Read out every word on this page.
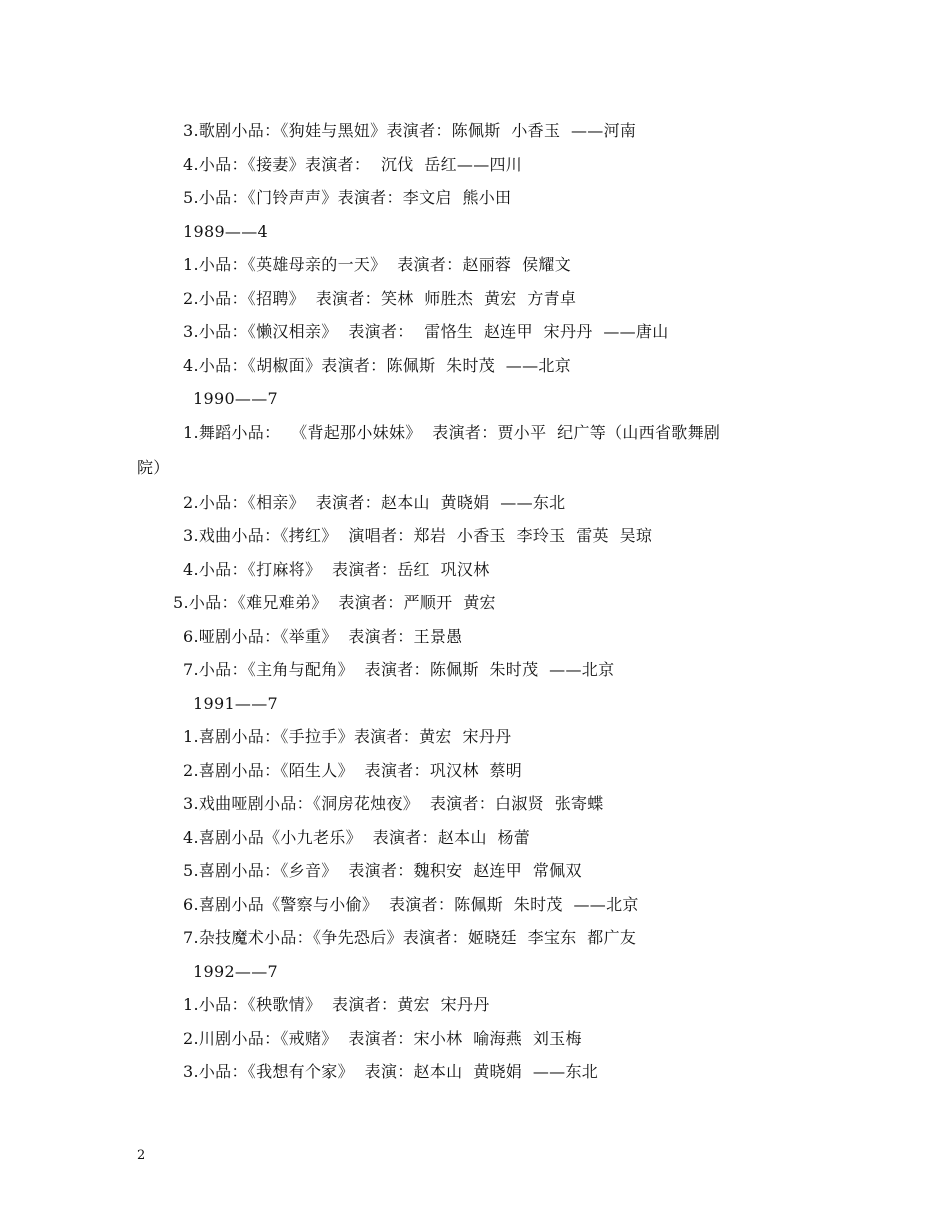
3.歌剧小品：《狗娃与黑妞》表演者：陈佩斯  小香玉  ——河南
4.小品：《接妻》表演者：  沉伐  岳红——四川
5.小品：《门铃声声》表演者：李文启  熊小田
1989——4
1.小品：《英雄母亲的一天》  表演者：赵丽蓉  侯耀文
2.小品：《招聘》  表演者：笑林  师胜杰  黄宏  方青卓
3.小品：《懒汉相亲》  表演者：  雷恪生  赵连甲  宋丹丹  ——唐山
4.小品：《胡椒面》表演者：陈佩斯  朱时茂  ——北京
1990——7
1.舞蹈小品：  《背起那小妹妹》  表演者：贾小平  纪广等（山西省歌舞剧
院）
2.小品：《相亲》  表演者：赵本山  黄晓娟  ——东北
3.戏曲小品：《拷红》  演唱者：郑岩  小香玉  李玲玉  雷英  吴琼
4.小品：《打麻将》  表演者：岳红  巩汉林
5.小品：《难兄难弟》  表演者：严顺开  黄宏
6.哑剧小品：《举重》  表演者：王景愚
7.小品：《主角与配角》  表演者：陈佩斯  朱时茂  ——北京
1991——7
1.喜剧小品：《手拉手》表演者：黄宏  宋丹丹
2.喜剧小品：《陌生人》  表演者：巩汉林  蔡明
3.戏曲哑剧小品：《洞房花烛夜》  表演者：白淑贤  张寄蝶
4.喜剧小品《小九老乐》  表演者：赵本山  杨蕾
5.喜剧小品：《乡音》  表演者：魏积安  赵连甲  常佩双
6.喜剧小品《警察与小偷》  表演者：陈佩斯  朱时茂  ——北京
7.杂技魔术小品：《争先恐后》表演者：姬晓廷  李宝东  都广友
1992——7
1.小品：《秧歌情》  表演者：黄宏  宋丹丹
2.川剧小品：《戒赌》  表演者：宋小林  喻海燕  刘玉梅
3.小品：《我想有个家》  表演：赵本山  黄晓娟  ——东北
2
